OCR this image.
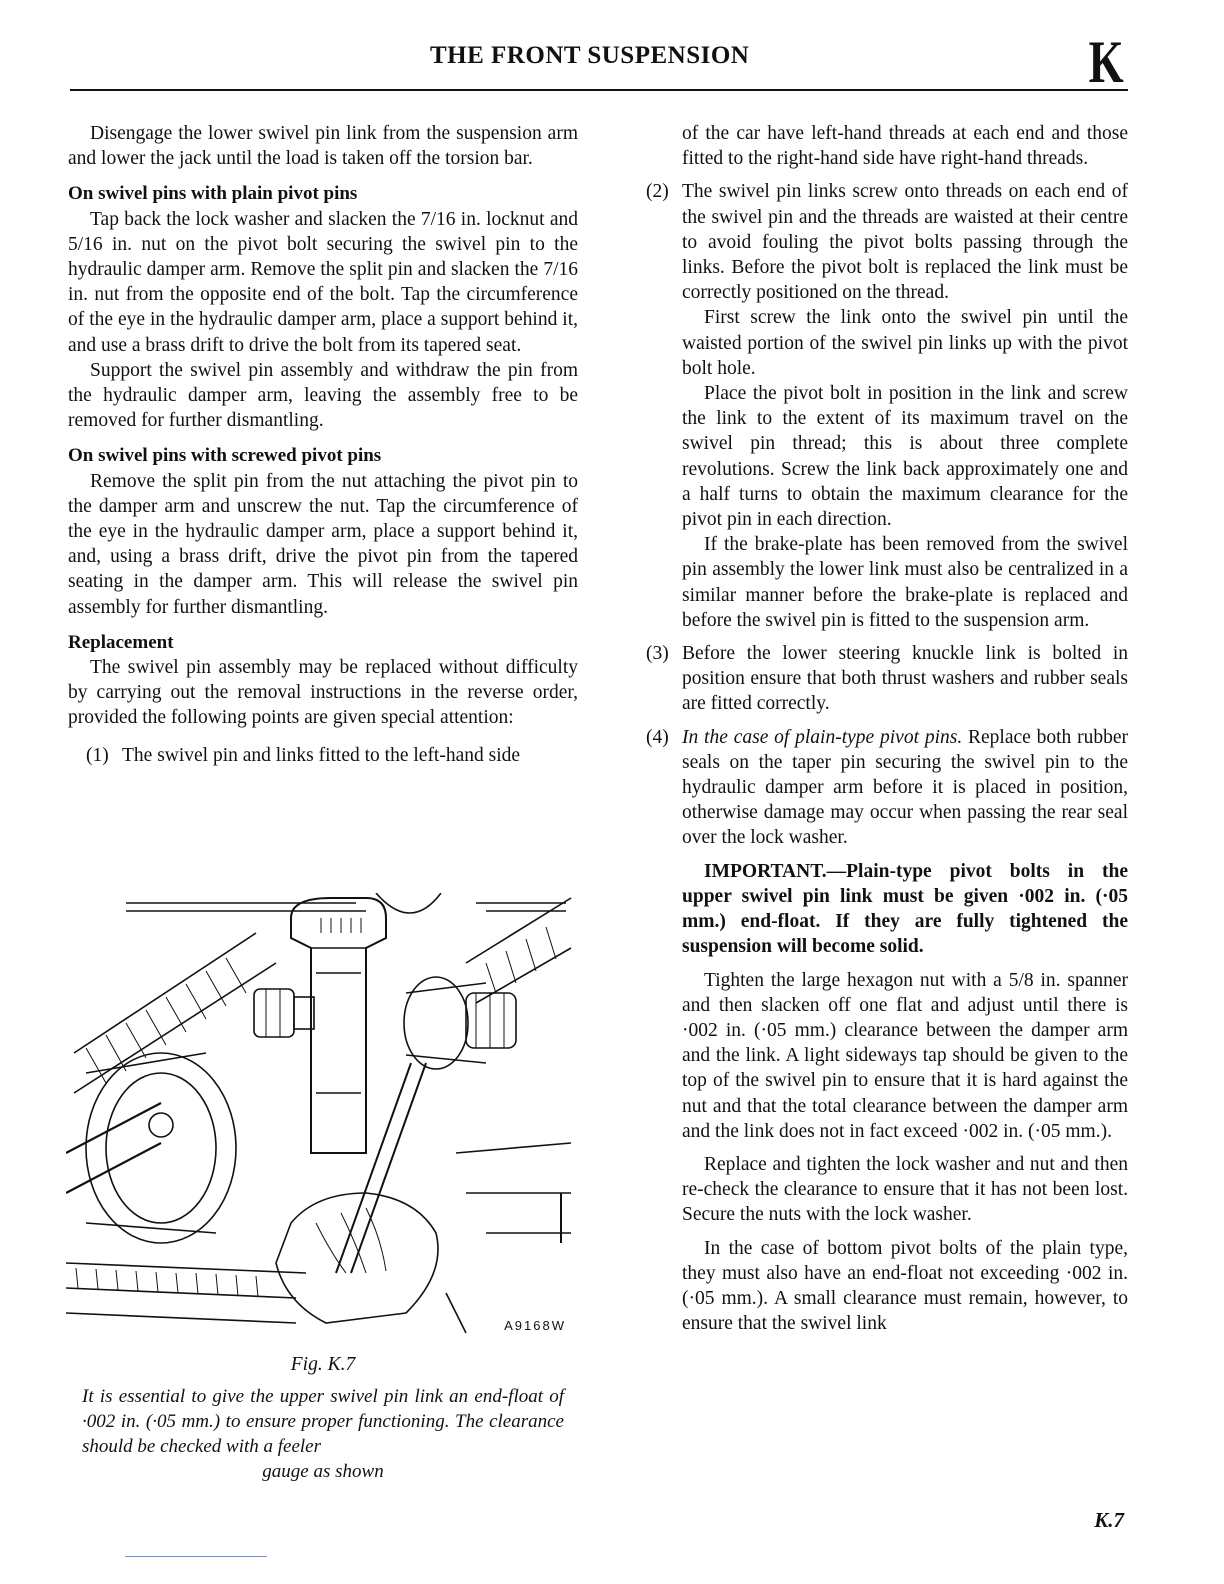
THE FRONT SUSPENSION	K

Disengage the lower swivel pin link from the suspension arm and lower the jack until the load is taken off the torsion bar.

On swivel pins with plain pivot pins

Tap back the lock washer and slacken the 7/16 in. locknut and 5/16 in. nut on the pivot bolt securing the swivel pin to the hydraulic damper arm. Remove the split pin and slacken the 7/16 in. nut from the opposite end of the bolt. Tap the circumference of the eye in the hydraulic damper arm, place a support behind it, and use a brass drift to drive the bolt from its tapered seat.

Support the swivel pin assembly and withdraw the pin from the hydraulic damper arm, leaving the assembly free to be removed for further dismantling.

On swivel pins with screwed pivot pins

Remove the split pin from the nut attaching the pivot pin to the damper arm and unscrew the nut. Tap the circumference of the eye in the hydraulic damper arm, place a support behind it, and, using a brass drift, drive the pivot pin from the tapered seating in the damper arm. This will release the swivel pin assembly for further dismantling.

Replacement

The swivel pin assembly may be replaced without difficulty by carrying out the removal instructions in the reverse order, provided the following points are given special attention:

(1) The swivel pin and links fitted to the left-hand side
A9168W
Fig. K.7

It is essential to give the upper swivel pin link an end-float of ·002 in. (·05 mm.) to ensure proper functioning. The clearance should be checked with a feeler

gauge as shown

of the car have left-hand threads at each end and those fitted to the right-hand side have right-hand threads.

(2) The swivel pin links screw onto threads on each end of the swivel pin and the threads are waisted at their centre to avoid fouling the pivot bolts passing through the links. Before the pivot bolt is replaced the link must be correctly positioned on the thread.

First screw the link onto the swivel pin until the waisted portion of the swivel pin links up with the pivot bolt hole.

Place the pivot bolt in position in the link and screw the link to the extent of its maximum travel on the swivel pin thread; this is about three complete revolutions. Screw the link back approximately one and a half turns to obtain the maximum clearance for the pivot pin in each direction.

If the brake-plate has been removed from the swivel pin assembly the lower link must also be centralized in a similar manner before the brake-plate is replaced and before the swivel pin is fitted to the suspension arm.

(3) Before the lower steering knuckle link is bolted in position ensure that both thrust washers and rubber seals are fitted correctly.

(4) In the case of plain-type pivot pins. Replace both rubber seals on the taper pin securing the swivel pin to the hydraulic damper arm before it is placed in position, otherwise damage may occur when passing the rear seal over the lock washer.

IMPORTANT.—Plain-type pivot bolts in the upper swivel pin link must be given ·002 in. (·05 mm.) end-float. If they are fully tightened the suspension will become solid.

Tighten the large hexagon nut with a 5/8 in. spanner and then slacken off one flat and adjust until there is ·002 in. (·05 mm.) clearance between the damper arm and the link. A light sideways tap should be given to the top of the swivel pin to ensure that it is hard against the nut and that the total clearance between the damper arm and the link does not in fact exceed ·002 in. (·05 mm.).

Replace and tighten the lock washer and nut and then re-check the clearance to ensure that it has not been lost. Secure the nuts with the lock washer.

In the case of bottom pivot bolts of the plain type, they must also have an end-float not exceeding ·002 in. (·05 mm.). A small clearance must remain, however, to ensure that the swivel link

K.7
